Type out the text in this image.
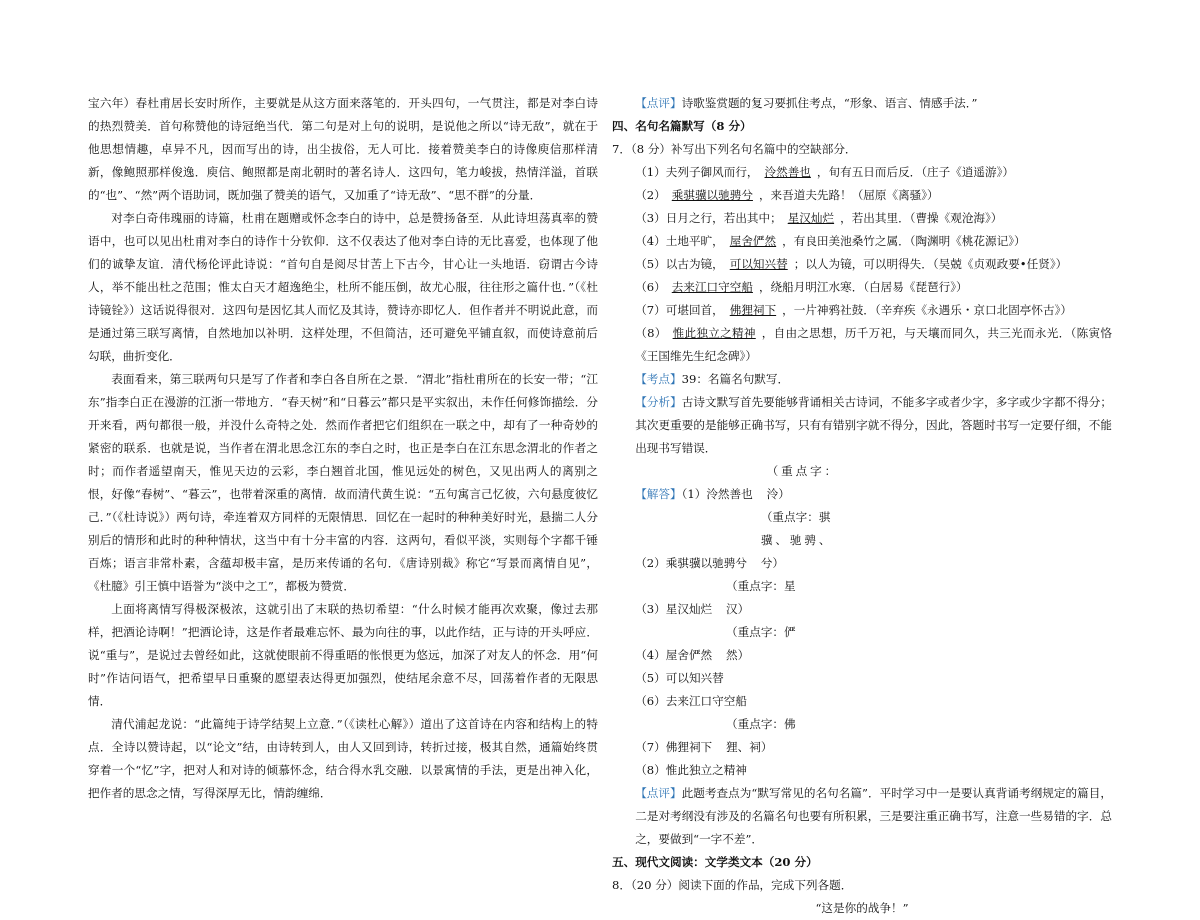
宝六年）春杜甫居长安时所作，主要就是从这方面来落笔的．开头四句，一气贯注，都是对李白诗的热烈赞美．首句称赞他的诗冠绝当代．第二句是对上句的说明，是说他之所以“诗无敌”，就在于他思想情趣，卓异不凡，因而写出的诗，出尘拔俗，无人可比．接着赞美李白的诗像庾信那样清新，像鲍照那样俊逸．庾信、鲍照都是南北朝时的著名诗人．这四句，笔力峻拔，热情洋溢，首联的“也”、“然”两个语助词，既加强了赞美的语气，又加重了“诗无敌”、“思不群”的分量．

对李白奇伟瑰丽的诗篇，杜甫在题赠或怀念李白的诗中，总是赞扬备至．从此诗坦荡真率的赞语中，也可以见出杜甫对李白的诗作十分钦仰．这不仅表达了他对李白诗的无比喜爱，也体现了他们的诚挚友谊．清代杨伦评此诗说：“首句自是阅尽甘苦上下古今，甘心让一头地语．窃谓古今诗人，举不能出杜之范围；惟太白天才超逸绝尘，杜所不能压倒，故尤心服，往往形之篇什也．”（《杜诗镜铨》）这话说得很对．这四句是因忆其人而忆及其诗，赞诗亦即忆人．但作者并不明说此意，而是通过第三联写离情，自然地加以补明．这样处理，不但简洁，还可避免平铺直叙，而使诗意前后勾联，曲折变化．

表面看来，第三联两句只是写了作者和李白各自所在之景．“渭北”指杜甫所在的长安一带；“江东”指李白正在漫游的江浙一带地方．“春天树”和“日暮云”都只是平实叙出，未作任何修饰描绘．分开来看，两句都很一般，并没什么奇特之处．然而作者把它们组织在一联之中，却有了一种奇妙的紧密的联系．也就是说，当作者在渭北思念江东的李白之时，也正是李白在江东思念渭北的作者之时；而作者遥望南天，惟见天边的云彩，李白翘首北国，惟见远处的树色，又见出两人的离别之恨，好像“春树”、“暮云”，也带着深重的离情．故而清代黄生说：“五句寓言己忆彼，六句悬度彼忆己．”（《杜诗说》）两句诗，牵连着双方同样的无限情思．回忆在一起时的种种美好时光，悬揣二人分别后的情形和此时的种种情状，这当中有十分丰富的内容．这两句，看似平淡，实则每个字都千锤百炼；语言非常朴素，含蕴却极丰富，是历来传诵的名句．《唐诗别裁》称它“写景而离情自见”，《杜臆》引王慎中语誉为“淡中之工”，都极为赞赏．

上面将离情写得极深极浓，这就引出了末联的热切希望：“什么时候才能再次欢聚，像过去那样，把酒论诗啊！”把酒论诗，这是作者最难忘怀、最为向往的事，以此作结，正与诗的开头呼应．说“重与”，是说过去曾经如此，这就使眼前不得重晤的怅恨更为悠远，加深了对友人的怀念．用“何时”作诘问语气，把希望早日重聚的愿望表达得更加强烈，使结尾余意不尽，回荡着作者的无限思情．

清代浦起龙说：“此篇纯于诗学结契上立意．”（《读杜心解》）道出了这首诗在内容和结构上的特点．全诗以赞诗起，以“论文”结，由诗转到人，由人又回到诗，转折过接，极其自然，通篇始终贯穿着一个“忆”字，把对人和对诗的倾慕怀念，结合得水乳交融．以景寓情的手法，更是出神入化，把作者的思念之情，写得深厚无比，情韵缠绵．

【点评】诗歌鉴赏题的复习要抓住考点，“形象、语言、情感手法．”

四、名句名篇默写（8 分）

7．（8 分）补写出下列名句名篇中的空缺部分．

（1）夫列子御风而行， 泠然善也 ，旬有五日而后反．（庄子《逍遥游》）

（2） 乘骐骥以驰骋兮 ，来吾道夫先路！（屈原《离骚》）

（3）日月之行，若出其中； 星汉灿烂 ，若出其里．（曹操《观沧海》）

（4）土地平旷， 屋舍俨然 ，有良田美池桑竹之属．（陶渊明《桃花源记》）

（5）以古为镜， 可以知兴替 ；以人为镜，可以明得失．（吴兢《贞观政要•任贤》）

（6） 去来江口守空船 ，绕船月明江水寒．（白居易《琵琶行》）

（7）可堪回首， 佛狸祠下 ，一片神鸦社鼓．（辛弃疾《永遇乐・京口北固亭怀古》）

（8） 惟此独立之精神 ，自由之思想，历千万祀，与天壤而同久，共三光而永光．（陈寅恪《王国维先生纪念碑》）

【考点】39：名篇名句默写．

【分析】古诗文默写首先要能够背诵相关古诗词，不能多字或者少字，多字或少字都不得分；其次更重要的是能够正确书写，只有有错别字就不得分，因此，答题时书写一定要仔细，不能出现书写错误．

【解答】（1）泠然善也（重点字：泠）

（2）乘骐骥以驰骋兮（重点字：骐骥、驰骋、兮）

（3）星汉灿烂（重点字：星汉）

（4）屋舍俨然（重点字：俨然）

（5）可以知兴替

（6）去来江口守空船

（7）佛狸祠下（重点字：佛狸、祠）

（8）惟此独立之精神

【点评】此题考查点为“默写常见的名句名篇”．平时学习中一是要认真背诵考纲规定的篇目，二是对考纲没有涉及的名篇名句也要有所积累，三是要注重正确书写，注意一些易错的字．总之，要做到“一字不差”．

五、现代文阅读：文学类文本（20 分）

8．（20 分）阅读下面的作品，完成下列各题．

“这是你的战争！”
